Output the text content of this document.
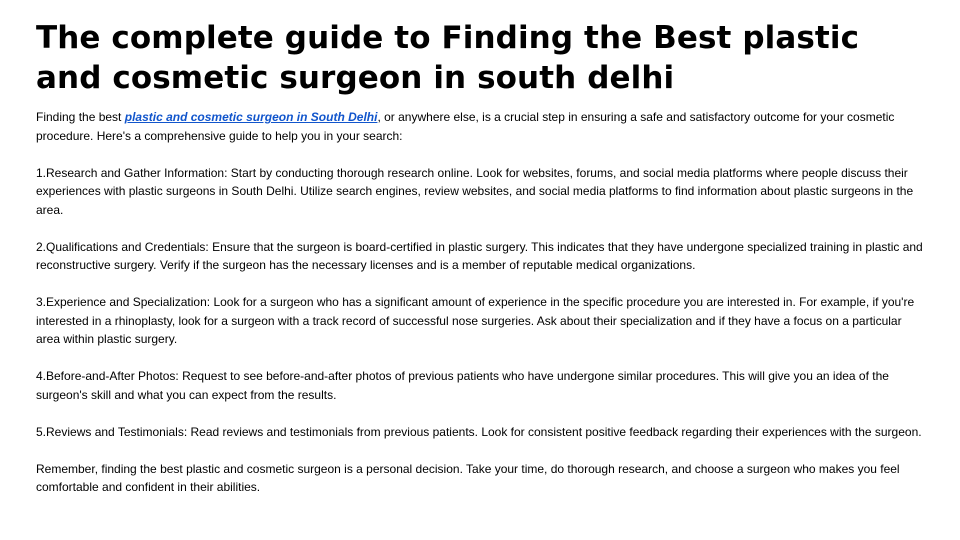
The complete guide to Finding the Best plastic and cosmetic surgeon in south delhi

Finding the best plastic and cosmetic surgeon in South Delhi, or anywhere else, is a crucial step in ensuring a safe and satisfactory outcome for your cosmetic procedure. Here's a comprehensive guide to help you in your search:

1.Research and Gather Information: Start by conducting thorough research online. Look for websites, forums, and social media platforms where people discuss their experiences with plastic surgeons in South Delhi. Utilize search engines, review websites, and social media platforms to find information about plastic surgeons in the area.

2.Qualifications and Credentials: Ensure that the surgeon is board-certified in plastic surgery. This indicates that they have undergone specialized training in plastic and reconstructive surgery. Verify if the surgeon has the necessary licenses and is a member of reputable medical organizations.

3.Experience and Specialization: Look for a surgeon who has a significant amount of experience in the specific procedure you are interested in. For example, if you're interested in a rhinoplasty, look for a surgeon with a track record of successful nose surgeries. Ask about their specialization and if they have a focus on a particular area within plastic surgery.

4.Before-and-After Photos: Request to see before-and-after photos of previous patients who have undergone similar procedures. This will give you an idea of the surgeon's skill and what you can expect from the results.

5.Reviews and Testimonials: Read reviews and testimonials from previous patients. Look for consistent positive feedback regarding their experiences with the surgeon.

Remember, finding the best plastic and cosmetic surgeon is a personal decision. Take your time, do thorough research, and choose a surgeon who makes you feel comfortable and confident in their abilities.
